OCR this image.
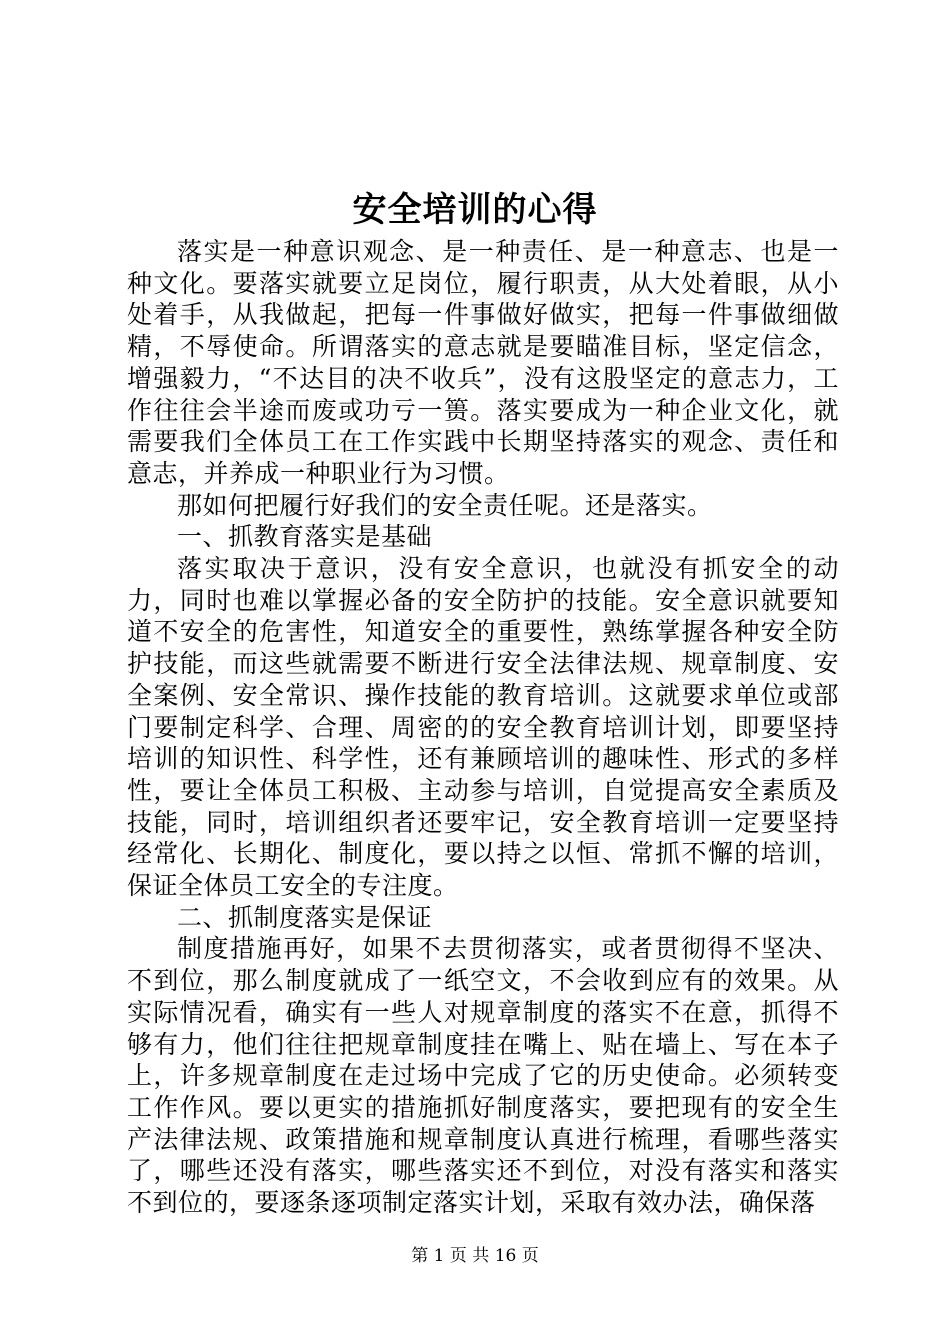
安全培训的心得

落实是一种意识观念、是一种责任、是一种意志、也是一种文化。要落实就要立足岗位，履行职责，从大处着眼，从小处着手，从我做起，把每一件事做好做实，把每一件事做细做精，不辱使命。所谓落实的意志就是要瞄准目标，坚定信念，增强毅力，“不达目的决不收兵”，没有这股坚定的意志力，工作往往会半途而废或功亏一篑。落实要成为一种企业文化，就需要我们全体员工在工作实践中长期坚持落实的观念、责任和意志，并养成一种职业行为习惯。

那如何把履行好我们的安全责任呢。还是落实。

一、抓教育落实是基础

落实取决于意识，没有安全意识，也就没有抓安全的动力，同时也难以掌握必备的安全防护的技能。安全意识就要知道不安全的危害性，知道安全的重要性，熟练掌握各种安全防护技能，而这些就需要不断进行安全法律法规、规章制度、安全案例、安全常识、操作技能的教育培训。这就要求单位或部门要制定科学、合理、周密的的安全教育培训计划，即要坚持培训的知识性、科学性，还有兼顾培训的趣味性、形式的多样性，要让全体员工积极、主动参与培训，自觉提高安全素质及技能，同时，培训组织者还要牢记，安全教育培训一定要坚持经常化、长期化、制度化，要以持之以恒、常抓不懈的培训，保证全体员工安全的专注度。

二、抓制度落实是保证

制度措施再好，如果不去贯彻落实，或者贯彻得不坚决、不到位，那么制度就成了一纸空文，不会收到应有的效果。从实际情况看，确实有一些人对规章制度的落实不在意，抓得不够有力，他们往往把规章制度挂在嘴上、贴在墙上、写在本子上，许多规章制度在走过场中完成了它的历史使命。必须转变工作作风。要以更实的措施抓好制度落实，要把现有的安全生产法律法规、政策措施和规章制度认真进行梳理，看哪些落实了，哪些还没有落实，哪些落实还不到位，对没有落实和落实不到位的，要逐条逐项制定落实计划，采取有效办法，确保落

第 1 页 共 16 页
